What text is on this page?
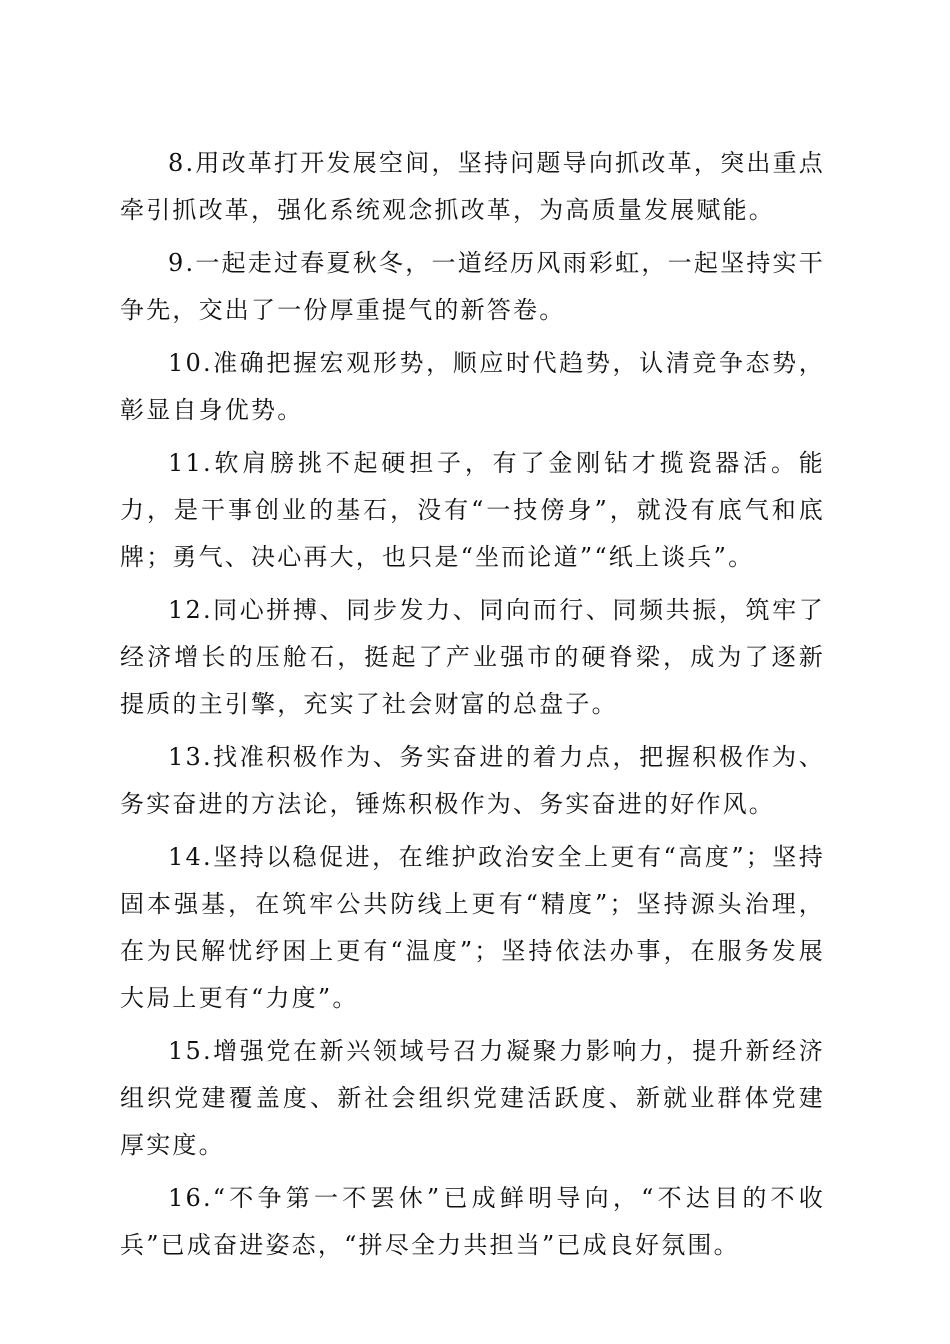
8.用改革打开发展空间，坚持问题导向抓改革，突出重点牵引抓改革，强化系统观念抓改革，为高质量发展赋能。

9.一起走过春夏秋冬，一道经历风雨彩虹，一起坚持实干争先，交出了一份厚重提气的新答卷。

10.准确把握宏观形势，顺应时代趋势，认清竞争态势，彰显自身优势。

11.软肩膀挑不起硬担子，有了金刚钻才揽瓷器活。能力，是干事创业的基石，没有“一技傍身”，就没有底气和底牌；勇气、决心再大，也只是“坐而论道”“纸上谈兵”。

12.同心拼搏、同步发力、同向而行、同频共振，筑牢了经济增长的压舱石，挺起了产业强市的硬脊梁，成为了逐新提质的主引擎，充实了社会财富的总盘子。

13.找准积极作为、务实奋进的着力点，把握积极作为、务实奋进的方法论，锤炼积极作为、务实奋进的好作风。

14.坚持以稳促进，在维护政治安全上更有“高度”；坚持固本强基，在筑牢公共防线上更有“精度”；坚持源头治理，在为民解忧纾困上更有“温度”；坚持依法办事，在服务发展大局上更有“力度”。

15.增强党在新兴领域号召力凝聚力影响力，提升新经济组织党建覆盖度、新社会组织党建活跃度、新就业群体党建厚实度。

16.“不争第一不罢休”已成鲜明导向，“不达目的不收兵”已成奋进姿态，“拼尽全力共担当”已成良好氛围。
